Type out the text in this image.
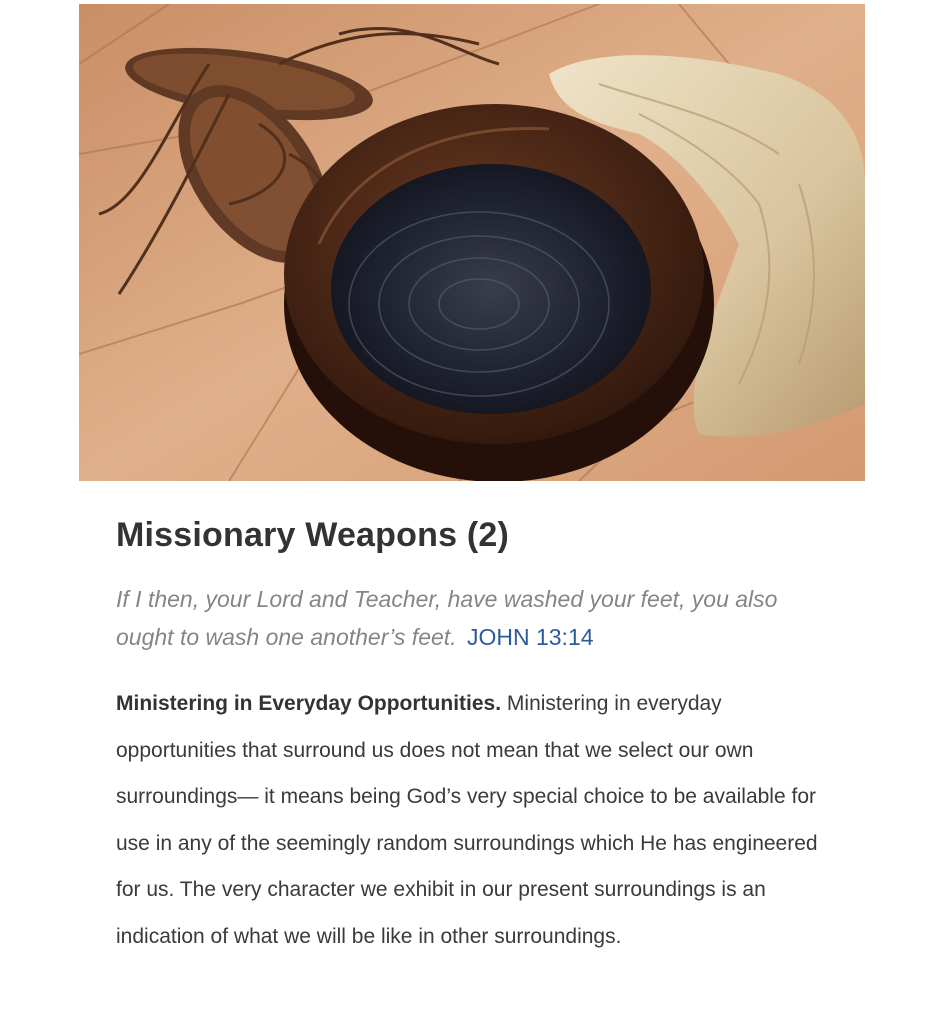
Missionary Weapons (2)

If I then, your Lord and Teacher, have washed your feet, you also ought to wash one another’s feet. JOHN 13:14

Ministering in Everyday Opportunities. Ministering in everyday opportunities that surround us does not mean that we select our own surroundings— it means being God’s very special choice to be available for use in any of the seemingly random surroundings which He has engineered for us. The very character we exhibit in our present surroundings is an indication of what we will be like in other surroundings.
